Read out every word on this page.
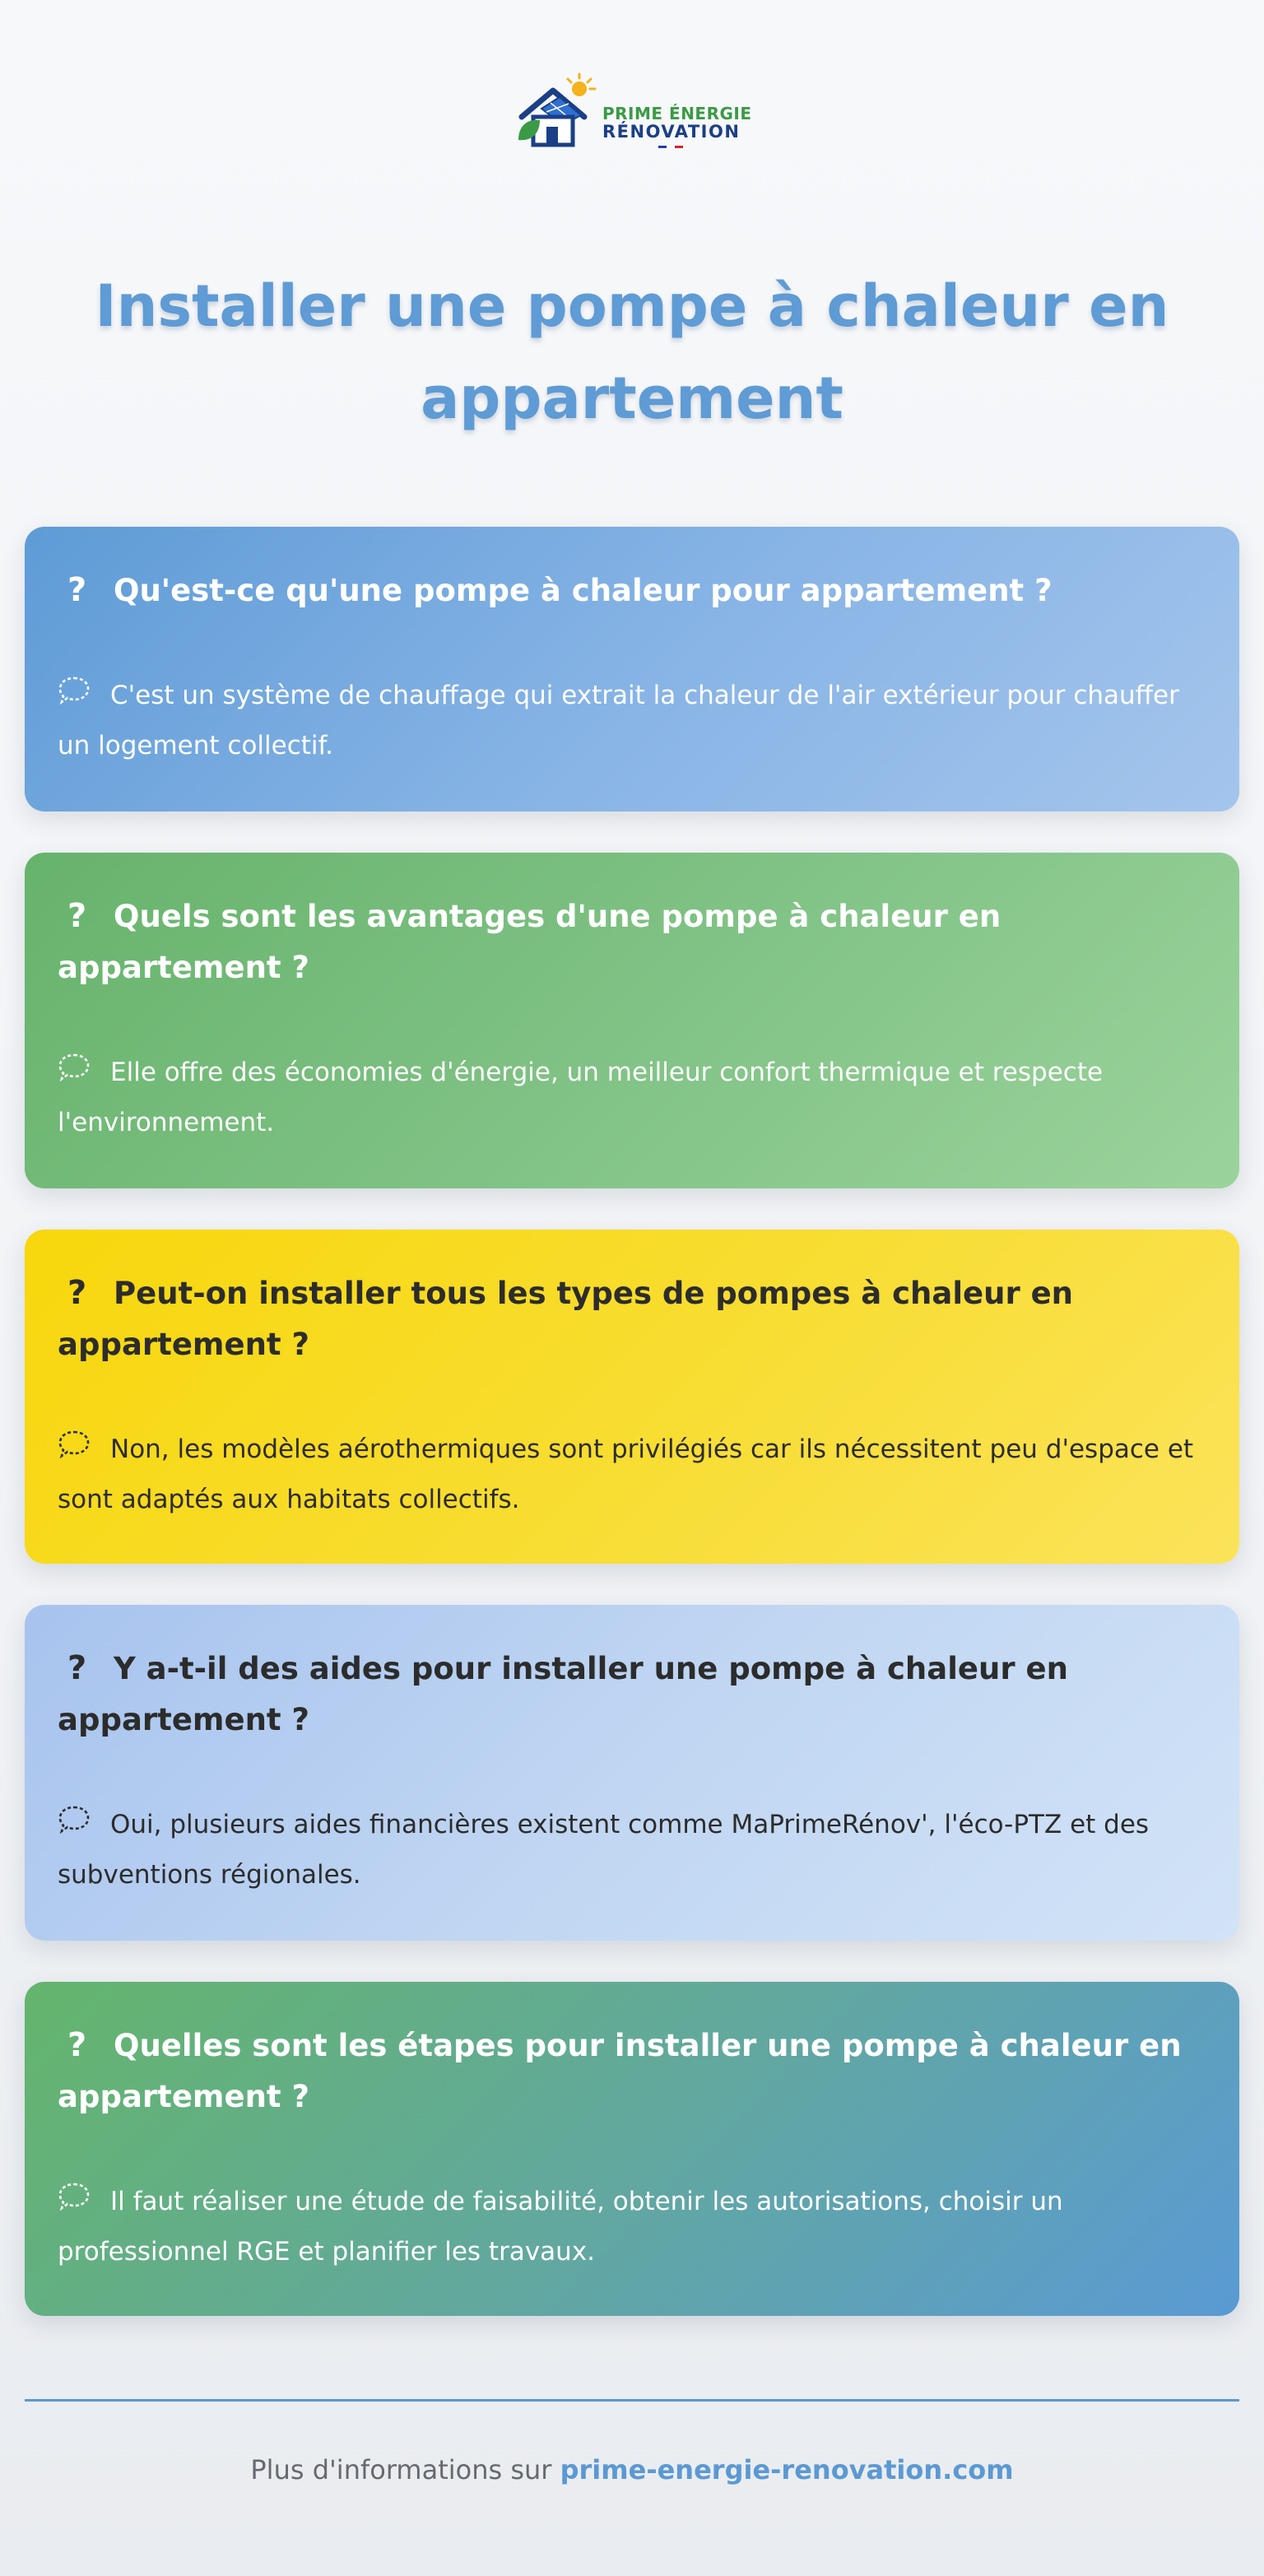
PRIME ÉNERGIE
RÉNOVATION
Installer une pompe à chaleur en appartement

? Qu'est-ce qu'une pompe à chaleur pour appartement ?

C'est un système de chauffage qui extrait la chaleur de l'air extérieur pour chauffer un logement collectif.

? Quels sont les avantages d'une pompe à chaleur en appartement ?

Elle offre des économies d'énergie, un meilleur confort thermique et respecte l'environnement.

? Peut-on installer tous les types de pompes à chaleur en appartement ?

Non, les modèles aérothermiques sont privilégiés car ils nécessitent peu d'espace et sont adaptés aux habitats collectifs.

? Y a-t-il des aides pour installer une pompe à chaleur en appartement ?

Oui, plusieurs aides financières existent comme MaPrimeRénov', l'éco-PTZ et des subventions régionales.

? Quelles sont les étapes pour installer une pompe à chaleur en appartement ?

Il faut réaliser une étude de faisabilité, obtenir les autorisations, choisir un professionnel RGE et planifier les travaux.

Plus d'informations sur prime-energie-renovation.com
